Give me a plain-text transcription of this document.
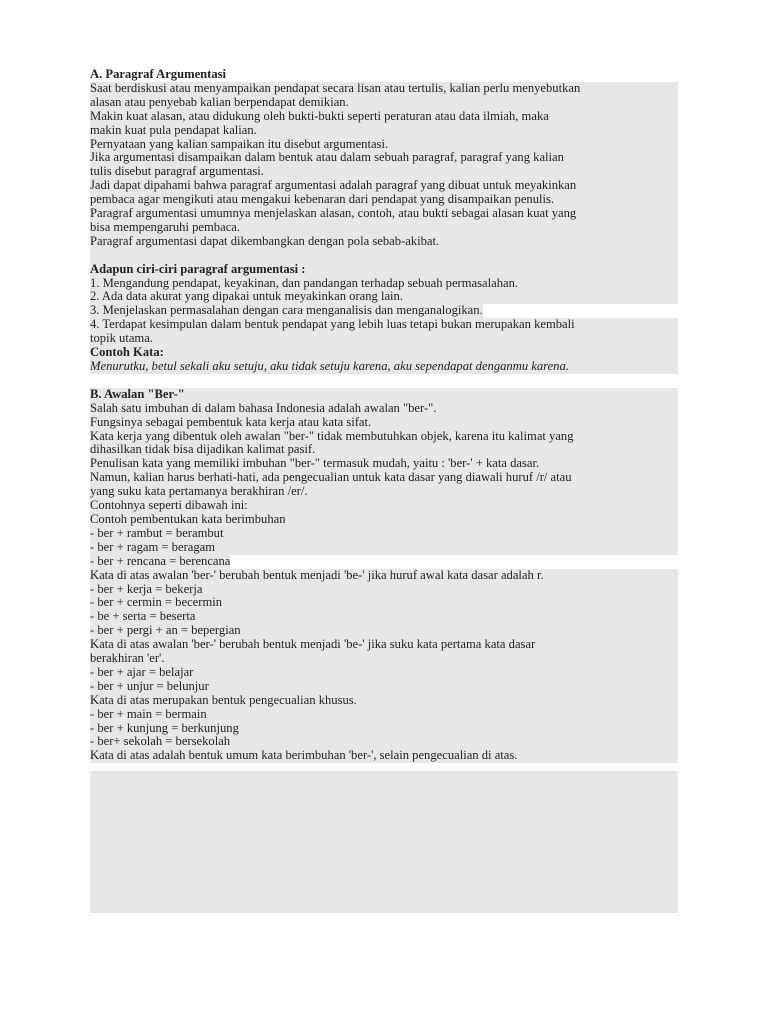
A. Paragraf Argumentasi
Saat berdiskusi atau menyampaikan pendapat secara lisan atau tertulis, kalian perlu menyebutkan
alasan atau penyebab kalian berpendapat demikian.
Makin kuat alasan, atau didukung oleh bukti-bukti seperti peraturan atau data ilmiah, maka
makin kuat pula pendapat kalian.
Pernyataan yang kalian sampaikan itu disebut argumentasi.
Jika argumentasi disampaikan dalam bentuk atau dalam sebuah paragraf, paragraf yang kalian
tulis disebut paragraf argumentasi.
Jadi dapat dipahami bahwa paragraf argumentasi adalah paragraf yang dibuat untuk meyakinkan
pembaca agar mengikuti atau mengakui kebenaran dari pendapat yang disampaikan penulis.
Paragraf argumentasi umumnya menjelaskan alasan, contoh, atau bukti sebagai alasan kuat yang
bisa mempengaruhi pembaca.
Paragraf argumentasi dapat dikembangkan dengan pola sebab-akibat.
Adapun ciri-ciri paragraf argumentasi :
1. Mengandung pendapat, keyakinan, dan pandangan terhadap sebuah permasalahan.
2. Ada data akurat yang dipakai untuk meyakinkan orang lain.
3. Menjelaskan permasalahan dengan cara menganalisis dan menganalogikan.
4. Terdapat kesimpulan dalam bentuk pendapat yang lebih luas tetapi bukan merupakan kembali
topik utama.
Contoh Kata:
Menurutku, betul sekali aku setuju, aku tidak setuju karena, aku sependapat denganmu karena.
B. Awalan "Ber-"
Salah satu imbuhan di dalam bahasa Indonesia adalah awalan "ber-".
Fungsinya sebagai pembentuk kata kerja atau kata sifat.
Kata kerja yang dibentuk oleh awalan "ber-" tidak membutuhkan objek, karena itu kalimat yang
dihasilkan tidak bisa dijadikan kalimat pasif.
Penulisan kata yang memiliki imbuhan "ber-" termasuk mudah, yaitu : 'ber-' + kata dasar.
Namun, kalian harus berhati-hati, ada pengecualian untuk kata dasar yang diawali huruf /r/ atau
yang suku kata pertamanya berakhiran /er/.
Contohnya seperti dibawah ini:
Contoh pembentukan kata berimbuhan
- ber + rambut = berambut
- ber + ragam = beragam
- ber + rencana = berencana
Kata di atas awalan 'ber-' berubah bentuk menjadi 'be-' jika huruf awal kata dasar adalah r.
- ber + kerja = bekerja
- ber + cermin = becermin
- be + serta = beserta
- ber + pergi + an = bepergian
Kata di atas awalan 'ber-' berubah bentuk menjadi 'be-' jika suku kata pertama kata dasar
berakhiran 'er'.
- ber + ajar = belajar
- ber + unjur = belunjur
Kata di atas merupakan bentuk pengecualian khusus.
- ber + main = bermain
- ber + kunjung = berkunjung
- ber+ sekolah = bersekolah
Kata di atas adalah bentuk umum kata berimbuhan 'ber-', selain pengecualian di atas.
